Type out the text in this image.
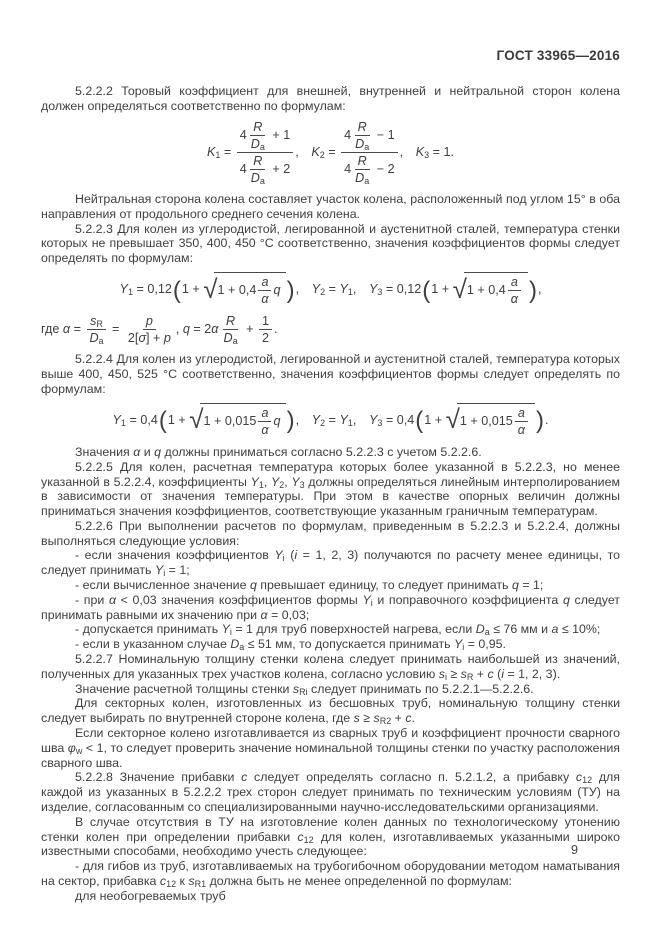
ГОСТ 33965—2016

5.2.2.2 Торовый коэффициент для внешней, внутренней и нейтральной сторон колена должен определяться соответственно по формулам:

$K_1 = \frac{4 \frac{R}{D_a} + 1}{4 \frac{R}{D_a} + 2}$ ,  $K_2 = \frac{4 \frac{R}{D_a} - 1}{4 \frac{R}{D_a} - 2}$ ,  $K_3 = 1$.

Нейтральная сторона колена составляет участок колена, расположенный под углом 15° в оба направления от продольного среднего сечения колена.

5.2.2.3 Для колен из углеродистой, легированной и аустенитной сталей, температура стенки которых не превышает 350, 400, 450 °C соответственно, значения коэффициентов формы следует определять по формулам:

$Y_1 = 0,12(1$ + √ $1 + 0,4 \frac{a}{\alpha}$ q ),  $Y_2 = Y_1$,  $Y_3 = 0,12(1$ + √ $1 + 0,4 \frac{a}{\alpha}$ ),
где $\alpha = \frac{s_R}{D_a} = \frac{p}{2[\sigma] + p}$ , $q = 2\alpha \frac{R}{D_a} + \frac{1}{2}$ .

5.2.2.4 Для колен из углеродистой, легированной и аустенитной сталей, температура которых выше 400, 450, 525 °C соответственно, значения коэффициентов формы следует определять по формулам:

$Y_1 = 0,4(1$ + √ $1 + 0,015 \frac{a}{\alpha}$ q ),  $Y_2 = Y_1$,  $Y_3 = 0,4(1$ + √ $1 + 0,015 \frac{a}{\alpha}$ ).

Значения α и q должны приниматься согласно 5.2.2.3 с учетом 5.2.2.6.

5.2.2.5 Для колен, расчетная температура которых более указанной в 5.2.2.3, но менее указанной в 5.2.2.4, коэффициенты $Y_1$, $Y_2$, $Y_3$ должны определяться линейным интерполированием в зависимости от значения температуры. При этом в качестве опорных величин должны приниматься значения коэффициентов, соответствующие указанным граничным температурам.

5.2.2.6 При выполнении расчетов по формулам, приведенным в 5.2.2.3 и 5.2.2.4, должны выполняться следующие условия:

- если значения коэффициентов $Y_i$ (i = 1, 2, 3) получаются по расчету менее единицы, то следует принимать $Y_i = 1$;

- если вычисленное значение q превышает единицу, то следует принимать q = 1;

- при α < 0,03 значения коэффициентов формы $Y_i$ и поправочного коэффициента q следует принимать равными их значению при α = 0,03;

- допускается принимать $Y_i = 1$ для труб поверхностей нагрева, если $D_a \le 76$ мм и a ≤ 10%;

- если в указанном случае $D_a \le 51$ мм, то допускается принимать $Y_i = 0,95$.

5.2.2.7 Номинальную толщину стенки колена следует принимать наибольшей из значений, полученных для указанных трех участков колена, согласно условию $s_i \ge s_R + c$ (i = 1, 2, 3).

Значение расчетной толщины стенки $s_{Ri}$ следует принимать по 5.2.2.1—5.2.2.6.

Для секторных колен, изготовленных из бесшовных труб, номинальную толщину стенки следует выбирать по внутренней стороне колена, где $s \ge s_{R2} + c$.

Если секторное колено изготавливается из сварных труб и коэффициент прочности сварного шва $\varphi_w < 1$, то следует проверить значение номинальной толщины стенки по участку расположения сварного шва.

5.2.2.8 Значение прибавки c следует определять согласно п. 5.2.1.2, а прибавку $c_{12}$ для каждой из указанных в 5.2.2.2 трех сторон следует принимать по техническим условиям (ТУ) на изделие, согласованным со специализированными научно-исследовательскими организациями.

В случае отсутствия в ТУ на изготовление колен данных по технологическому утонению стенки колен при определении прибавки $c_{12}$ для колен, изготавливаемых указанными широко известными способами, необходимо учесть следующее:

- для гибов из труб, изготавливаемых на трубогибочном оборудовании методом наматывания на сектор, прибавка $c_{12}$ к $s_{R1}$ должна быть не менее определенной по формулам:

для необогреваемых труб

9
